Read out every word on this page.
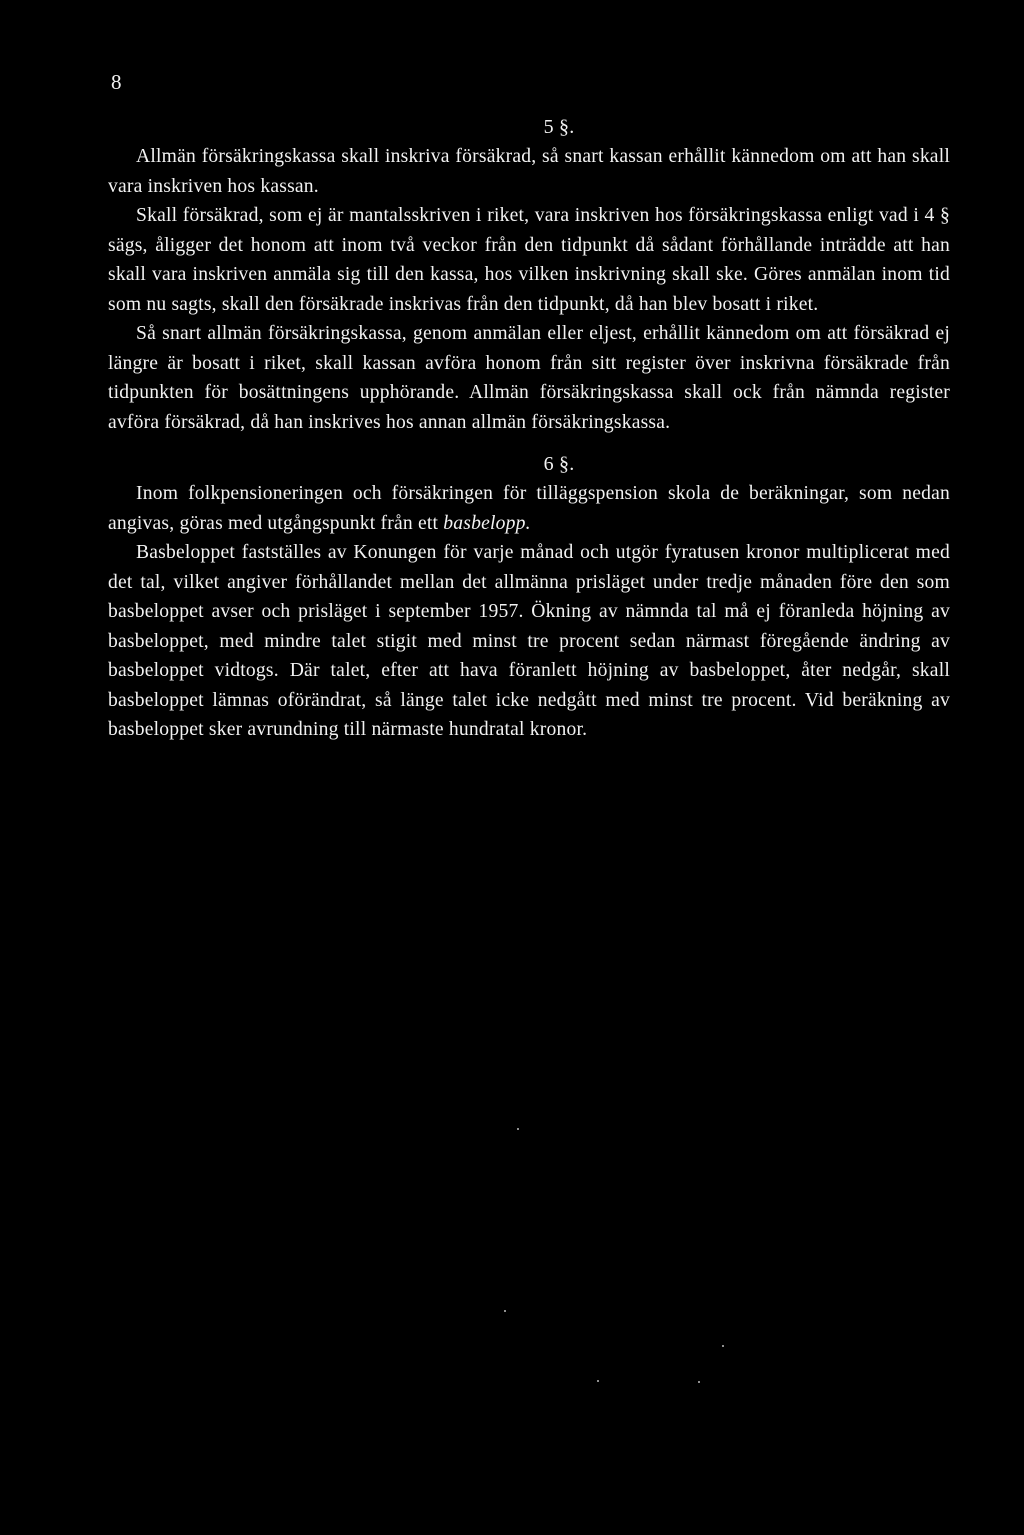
8

5 §.

Allmän försäkringskassa skall inskriva försäkrad, så snart kassan erhållit kännedom om att han skall vara inskriven hos kassan.

Skall försäkrad, som ej är mantalsskriven i riket, vara inskriven hos försäkringskassa enligt vad i 4 § sägs, åligger det honom att inom två veckor från den tidpunkt då sådant förhållande inträdde att han skall vara inskriven anmäla sig till den kassa, hos vilken inskrivning skall ske. Göres anmälan inom tid som nu sagts, skall den försäkrade inskrivas från den tidpunkt, då han blev bosatt i riket.

Så snart allmän försäkringskassa, genom anmälan eller eljest, erhållit kännedom om att försäkrad ej längre är bosatt i riket, skall kassan avföra honom från sitt register över inskrivna försäkrade från tidpunkten för bosättningens upphörande. Allmän försäkringskassa skall ock från nämnda register avföra försäkrad, då han inskrives hos annan allmän försäkringskassa.

6 §.

Inom folkpensioneringen och försäkringen för tilläggspension skola de beräkningar, som nedan angivas, göras med utgångspunkt från ett basbelopp.

Basbeloppet fastställes av Konungen för varje månad och utgör fyratusen kronor multiplicerat med det tal, vilket angiver förhållandet mellan det allmänna prisläget under tredje månaden före den som basbeloppet avser och prisläget i september 1957. Ökning av nämnda tal må ej föranleda höjning av basbeloppet, med mindre talet stigit med minst tre procent sedan närmast föregående ändring av basbeloppet vidtogs. Där talet, efter att hava föranlett höjning av basbeloppet, åter nedgår, skall basbeloppet lämnas oförändrat, så länge talet icke nedgått med minst tre procent. Vid beräkning av basbeloppet sker avrundning till närmaste hundratal kronor.
